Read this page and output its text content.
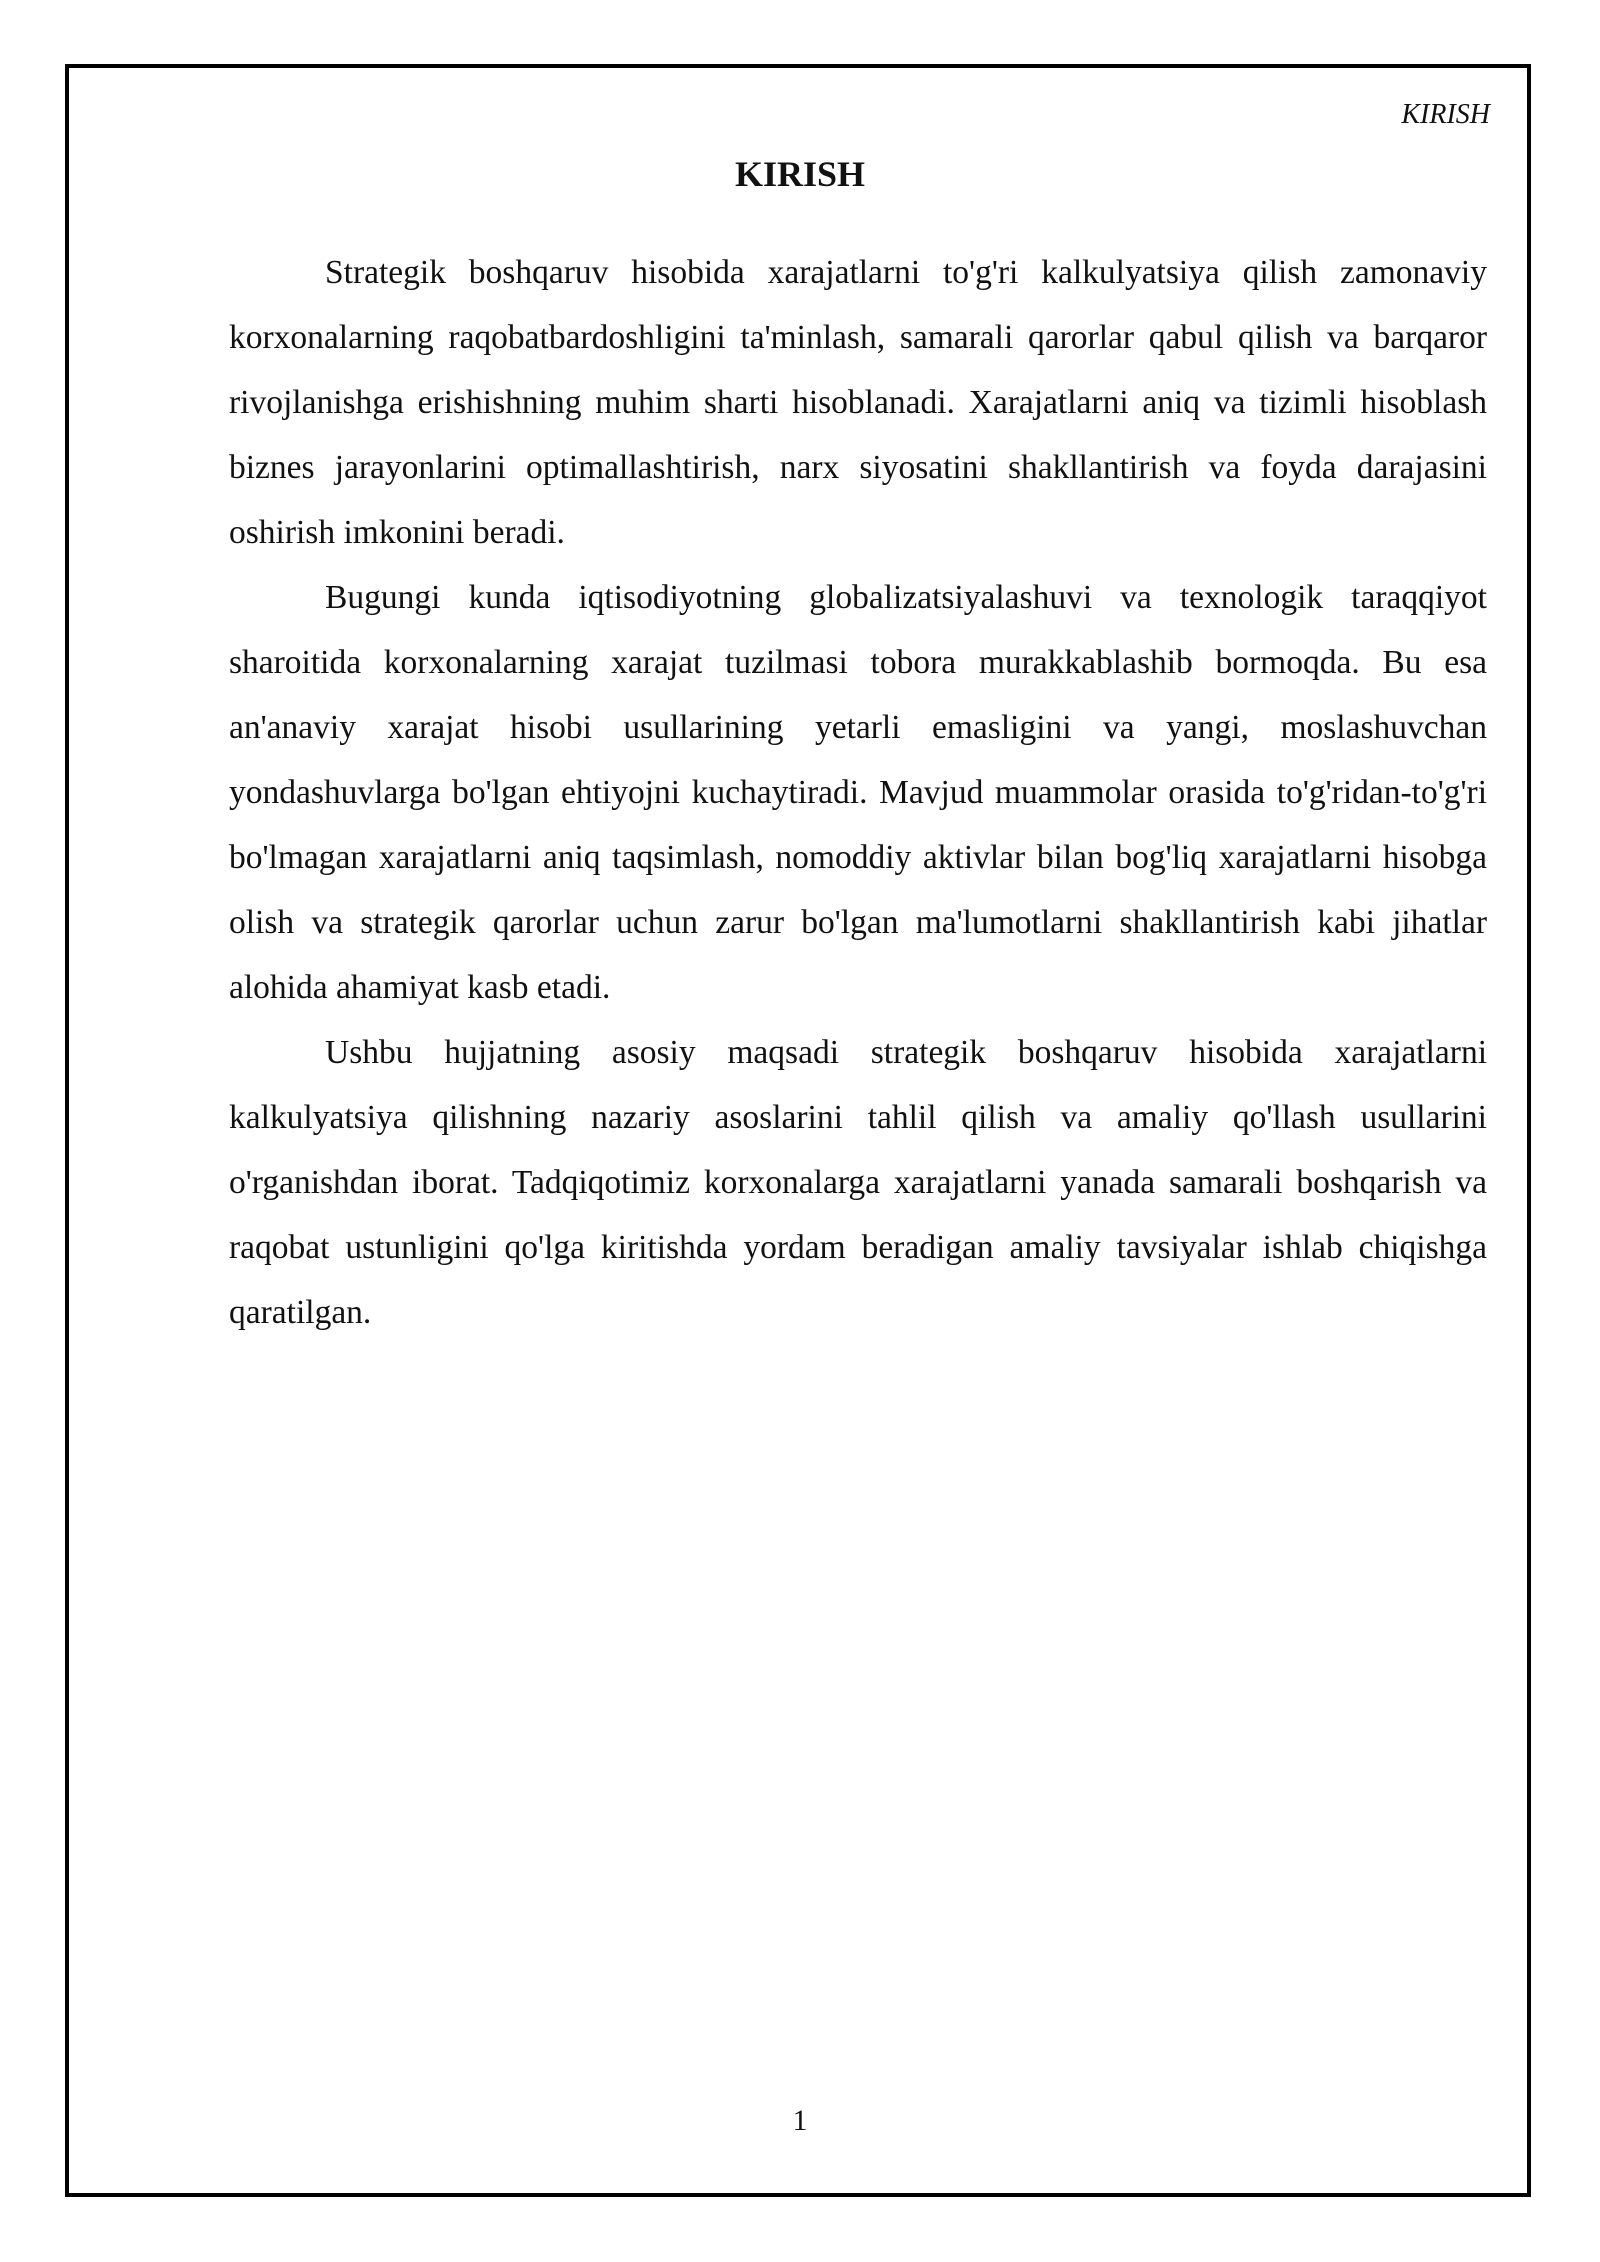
KIRISH
KIRISH

Strategik boshqaruv hisobida xarajatlarni to'g'ri kalkulyatsiya qilish zamonaviy korxonalarning raqobatbardoshligini ta'minlash, samarali qarorlar qabul qilish va barqaror rivojlanishga erishishning muhim sharti hisoblanadi. Xarajatlarni aniq va tizimli hisoblash biznes jarayonlarini optimallashtirish, narx siyosatini shakllantirish va foyda darajasini oshirish imkonini beradi.

Bugungi kunda iqtisodiyotning globalizatsiyalashuvi va texnologik taraqqiyot sharoitida korxonalarning xarajat tuzilmasi tobora murakkablashib bormoqda. Bu esa an'anaviy xarajat hisobi usullarining yetarli emasligini va yangi, moslashuvchan yondashuvlarga bo'lgan ehtiyojni kuchaytiradi. Mavjud muammolar orasida to'g'ridan-to'g'ri bo'lmagan xarajatlarni aniq taqsimlash, nomoddiy aktivlar bilan bog'liq xarajatlarni hisobga olish va strategik qarorlar uchun zarur bo'lgan ma'lumotlarni shakllantirish kabi jihatlar alohida ahamiyat kasb etadi.

Ushbu hujjatning asosiy maqsadi strategik boshqaruv hisobida xarajatlarni kalkulyatsiya qilishning nazariy asoslarini tahlil qilish va amaliy qo'llash usullarini o'rganishdan iborat. Tadqiqotimiz korxonalarga xarajatlarni yanada samarali boshqarish va raqobat ustunligini qo'lga kiritishda yordam beradigan amaliy tavsiyalar ishlab chiqishga qaratilgan.

1
